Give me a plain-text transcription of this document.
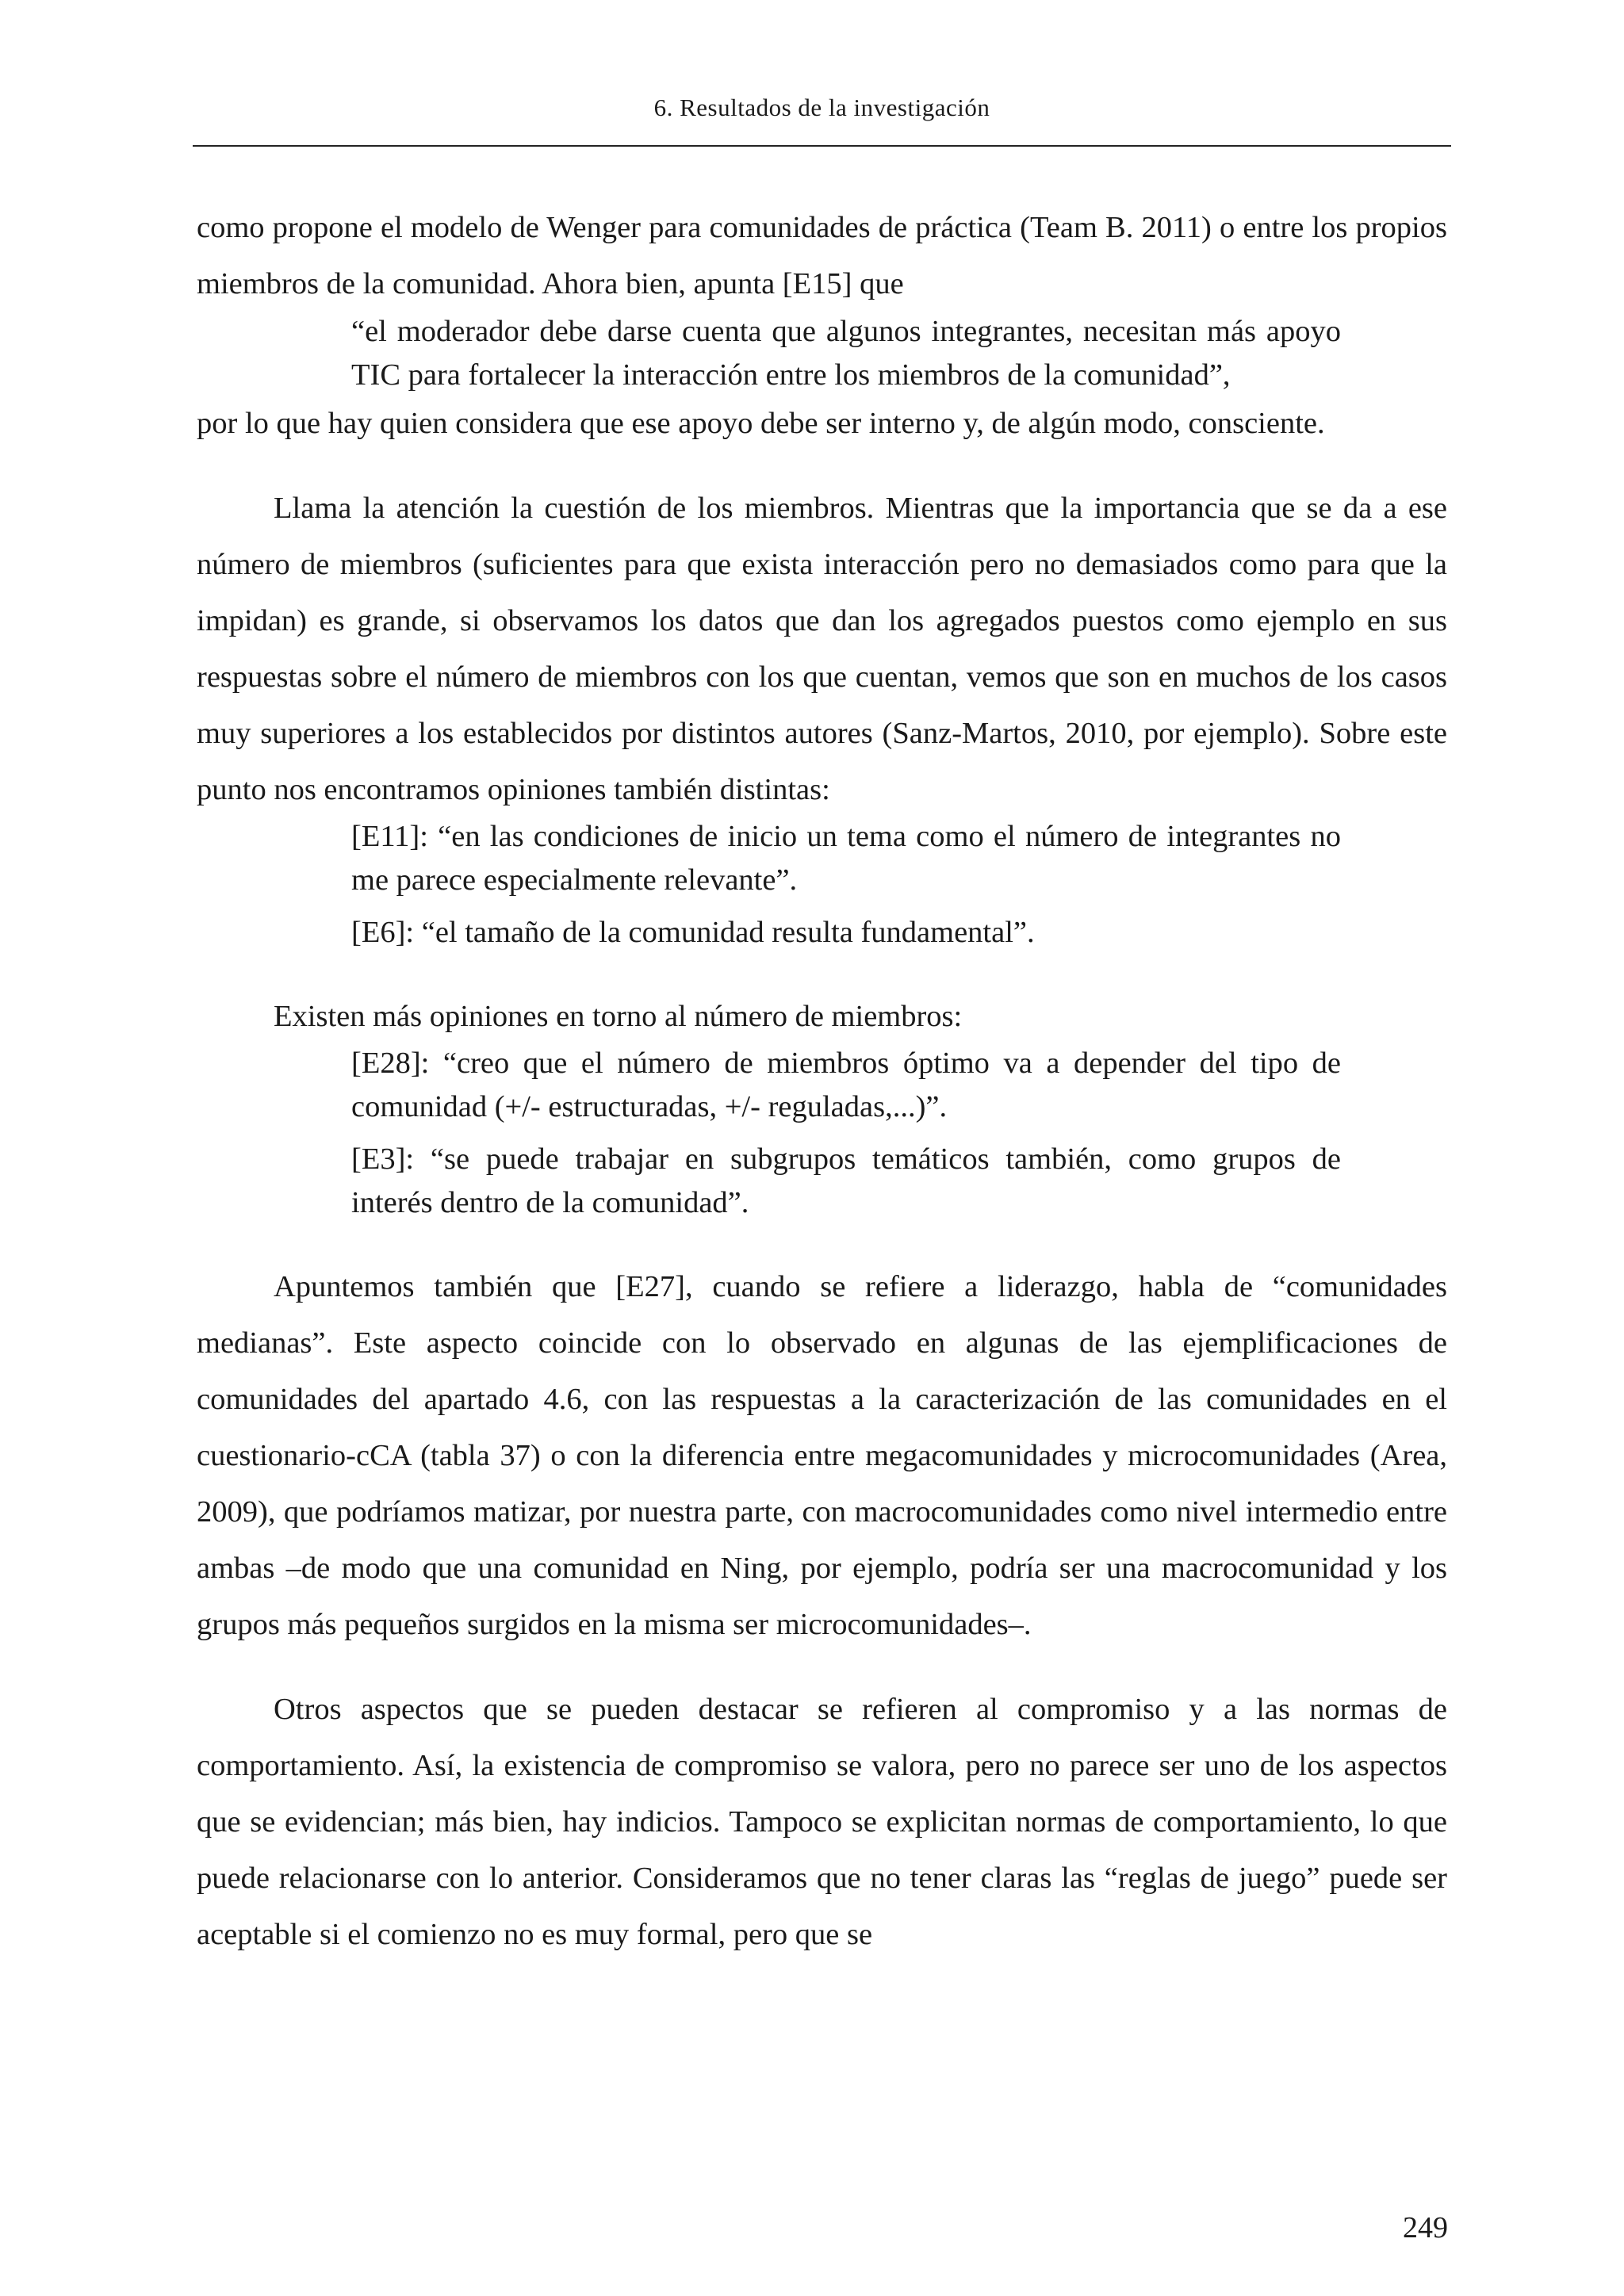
6. Resultados de la investigación

como propone el modelo de Wenger para comunidades de práctica (Team B. 2011) o entre los propios miembros de la comunidad. Ahora bien, apunta [E15] que

“el moderador debe darse cuenta que algunos integrantes, necesitan más apoyo TIC para fortalecer la interacción entre los miembros de la comunidad”,

por lo que hay quien considera que ese apoyo debe ser interno y, de algún modo, consciente.

Llama la atención la cuestión de los miembros. Mientras que la importancia que se da a ese número de miembros (suficientes para que exista interacción pero no demasiados como para que la impidan) es grande, si observamos los datos que dan los agregados puestos como ejemplo en sus respuestas sobre el número de miembros con los que cuentan, vemos que son en muchos de los casos muy superiores a los establecidos por distintos autores (Sanz-Martos, 2010, por ejemplo). Sobre este punto nos encontramos opiniones también distintas:

[E11]: “en las condiciones de inicio un tema como el número de integrantes no me parece especialmente relevante”.

[E6]: “el tamaño de la comunidad resulta fundamental”.

Existen más opiniones en torno al número de miembros:

[E28]: “creo que el número de miembros óptimo va a depender del tipo de comunidad (+/- estructuradas, +/- reguladas,...)”.

[E3]: “se puede trabajar en subgrupos temáticos también, como grupos de interés dentro de la comunidad”.

Apuntemos también que [E27], cuando se refiere a liderazgo, habla de “comunidades medianas”. Este aspecto coincide con lo observado en algunas de las ejemplificaciones de comunidades del apartado 4.6, con las respuestas a la caracterización de las comunidades en el cuestionario-cCA (tabla 37) o con la diferencia entre megacomunidades y microcomunidades (Area, 2009), que podríamos matizar, por nuestra parte, con macrocomunidades como nivel intermedio entre ambas –de modo que una comunidad en Ning, por ejemplo, podría ser una macrocomunidad y los grupos más pequeños surgidos en la misma ser microcomunidades–.

Otros aspectos que se pueden destacar se refieren al compromiso y a las normas de comportamiento. Así, la existencia de compromiso se valora, pero no parece ser uno de los aspectos que se evidencian; más bien, hay indicios. Tampoco se explicitan normas de comportamiento, lo que puede relacionarse con lo anterior. Consideramos que no tener claras las “reglas de juego” puede ser aceptable si el comienzo no es muy formal, pero que se

249
